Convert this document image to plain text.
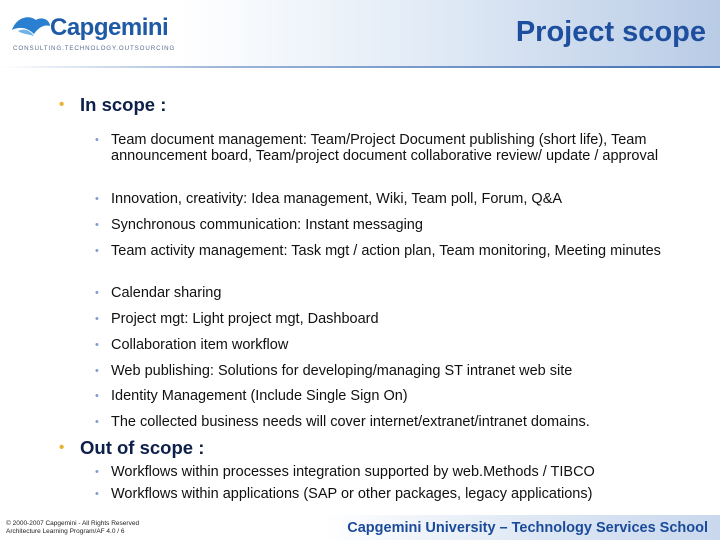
Capgemini
CONSULTING.TECHNOLOGY.OUTSOURCING
Project scope
• In scope :
• Team document management: Team/Project Document publishing (short life), Team announcement board, Team/project document collaborative review/ update / approval
• Innovation, creativity: Idea management, Wiki, Team poll, Forum, Q&A
• Synchronous communication: Instant messaging
• Team activity management: Task mgt / action plan, Team monitoring, Meeting minutes
• Calendar sharing
• Project mgt: Light project mgt, Dashboard
• Collaboration item workflow
• Web publishing: Solutions for developing/managing ST intranet web site
• Identity Management (Include Single Sign On)
• The collected business needs will cover internet/extranet/intranet domains.
• Out of scope :
• Workflows within processes integration supported by web.Methods / TIBCO
• Workflows within applications (SAP or other packages, legacy applications)
© 2000-2007 Capgemini - All Rights Reserved
Architecture Learning Program/AF 4.0 / 6	Capgemini University – Technology Services School
